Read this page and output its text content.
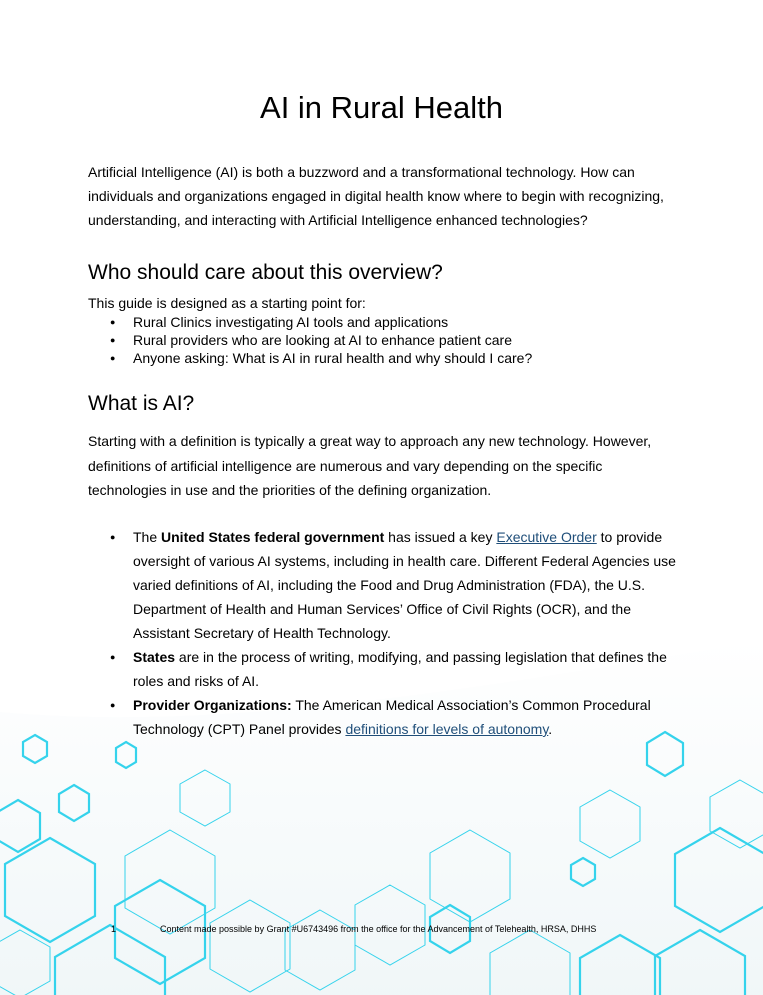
AI in Rural Health

Artificial Intelligence (AI) is both a buzzword and a transformational technology. How can individuals and organizations engaged in digital health know where to begin with recognizing, understanding, and interacting with Artificial Intelligence enhanced technologies?

Who should care about this overview?

This guide is designed as a starting point for:

● Rural Clinics investigating AI tools and applications
● Rural providers who are looking at AI to enhance patient care
● Anyone asking: What is AI in rural health and why should I care?
What is AI?

Starting with a definition is typically a great way to approach any new technology. However, definitions of artificial intelligence are numerous and vary depending on the specific technologies in use and the priorities of the defining organization.

● The United States federal government has issued a key Executive Order to provide oversight of various AI systems, including in health care. Different Federal Agencies use varied definitions of AI, including the Food and Drug Administration (FDA), the U.S. Department of Health and Human Services’ Office of Civil Rights (OCR), and the Assistant Secretary of Health Technology.
● States are in the process of writing, modifying, and passing legislation that defines the roles and risks of AI.
● Provider Organizations: The American Medical Association’s Common Procedural Technology (CPT) Panel provides definitions for levels of autonomy.
1	Content made possible by Grant #U6743496 from the office for the Advancement of Telehealth, HRSA, DHHS
